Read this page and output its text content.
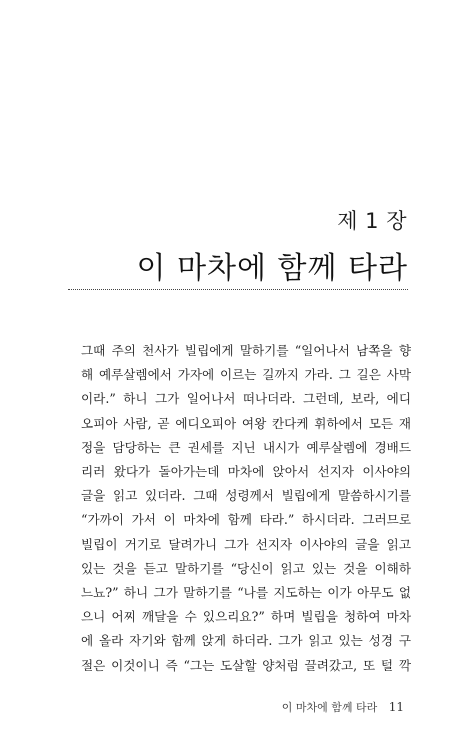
제 1 장
이 마차에 함께 타라
그때 주의 천사가 빌립에게 말하기를 “일어나서 남쪽을 향
해 예루살렘에서 가자에 이르는 길까지 가라. 그 길은 사막
이라.” 하니 그가 일어나서 떠나더라. 그런데, 보라, 에디
오피아 사람, 곧 에디오피아 여왕 칸다케 휘하에서 모든 재
정을 담당하는 큰 권세를 지닌 내시가 예루살렘에 경배드
리러 왔다가 돌아가는데 마차에 앉아서 선지자 이사야의
글을 읽고 있더라. 그때 성령께서 빌립에게 말씀하시기를
“가까이 가서 이 마차에 함께 타라.” 하시더라. 그러므로
빌립이 거기로 달려가니 그가 선지자 이사야의 글을 읽고
있는 것을 듣고 말하기를 “당신이 읽고 있는 것을 이해하
느뇨?” 하니 그가 말하기를 “나를 지도하는 이가 아무도 없
으니 어찌 깨달을 수 있으리요?” 하며 빌립을 청하여 마차
에 올라 자기와 함께 앉게 하더라. 그가 읽고 있는 성경 구
절은 이것이니 즉 “그는 도살할 양처럼 끌려갔고, 또 털 깍
이 마차에 함께 타라 11
